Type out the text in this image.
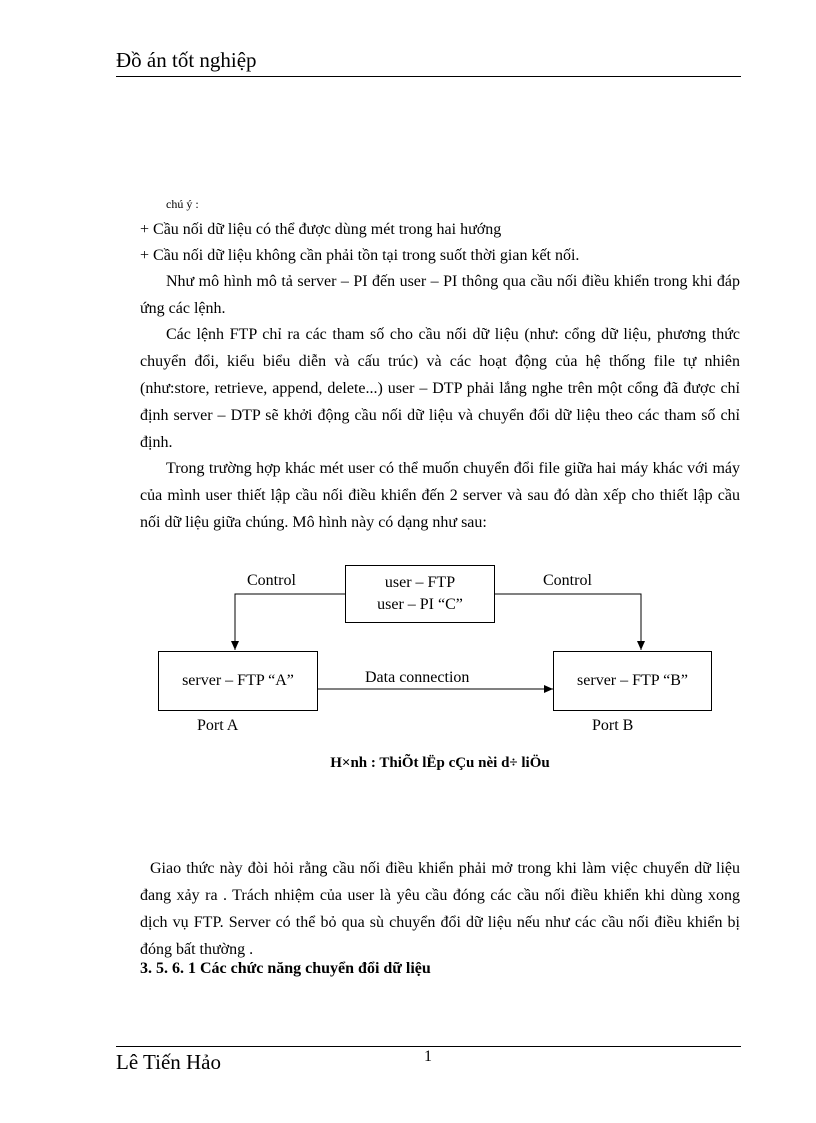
Đồ án tốt nghiệp
chú ý :

+ Cầu nối dữ liệu có thể được dùng mét trong hai hướng

+ Cầu nối dữ liệu không cần phải tồn tại trong suốt thời gian kết nối.

Như mô hình mô tả server – PI đến user – PI thông qua cầu nối điều khiển trong khi đáp ứng các lệnh.

Các lệnh FTP chỉ ra các tham số cho cầu nối dữ liệu (như: cổng dữ liệu, phương thức chuyển đổi, kiểu biểu diễn và cấu trúc) và các hoạt động của hệ thống file tự nhiên (như:store, retrieve, append, delete...) user – DTP phải lắng nghe trên một cổng đã được chỉ định server – DTP sẽ khởi động cầu nối dữ liệu và chuyển đổi dữ liệu theo các tham số chỉ định.

Trong trường hợp khác mét user có thể muốn chuyển đổi file giữa hai máy khác với máy của mình user thiết lập cầu nối điều khiển đến 2 server và sau đó dàn xếp cho thiết lập cầu nối dữ liệu giữa chúng. Mô hình này có dạng như sau:

user – FTP
user – PI “C”
server – FTP “A”	server – FTP “B”
Control	Control
Data connection
Port A	Port B
H×nh : ThiÕt lËp cÇu nèi d÷ liÖu

Giao thức này đòi hỏi rằng cầu nối điều khiển phải mở trong khi làm việc chuyển dữ liệu đang xảy ra . Trách nhiệm của user là yêu cầu đóng các cầu nối điều khiển khi dùng xong dịch vụ FTP. Server có thể bỏ qua sù chuyển đổi dữ liệu nếu như các cầu nối điều khiển bị đóng bất thường .

3. 5. 6. 1 Các chức năng chuyển đổi dữ liệu
Lê Tiến Hảo	1
